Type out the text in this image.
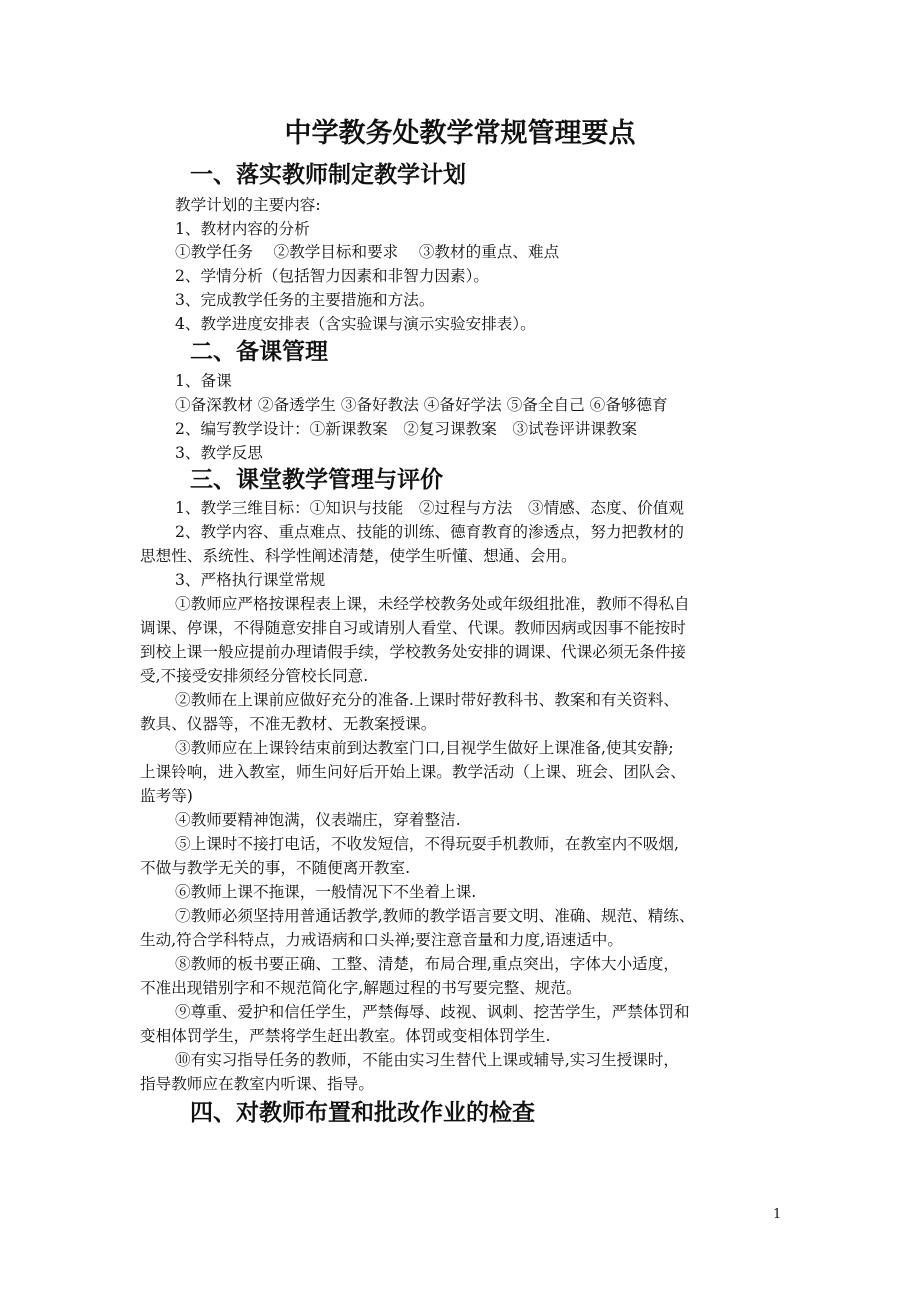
中学教务处教学常规管理要点
一、落实教师制定教学计划

教学计划的主要内容:

1、教材内容的分析

①教学任务　 ②教学目标和要求　 ③教材的重点、难点

2、学情分析（包括智力因素和非智力因素）。

3、完成教学任务的主要措施和方法。

4、教学进度安排表（含实验课与演示实验安排表）。

二、备课管理

1、备课

①备深教材 ②备透学生 ③备好教法 ④备好学法 ⑤备全自己 ⑥备够德育

2、编写教学设计：①新课教案　②复习课教案　③试卷评讲课教案

3、教学反思

三、课堂教学管理与评价

1、教学三维目标：①知识与技能　②过程与方法　③情感、态度、价值观

2、教学内容、重点难点、技能的训练、德育教育的渗透点，努力把教材的

思想性、系统性、科学性阐述清楚，使学生听懂、想通、会用。

3、严格执行课堂常规

①教师应严格按课程表上课，未经学校教务处或年级组批准，教师不得私自

调课、停课，不得随意安排自习或请别人看堂、代课。教师因病或因事不能按时

到校上课一般应提前办理请假手续，学校教务处安排的调课、代课必须无条件接

受,不接受安排须经分管校长同意.

②教师在上课前应做好充分的准备.上课时带好教科书、教案和有关资料、

教具、仪器等，不准无教材、无教案授课。

③教师应在上课铃结束前到达教室门口,目视学生做好上课准备,使其安静;

上课铃响，进入教室，师生问好后开始上课。教学活动（上课、班会、团队会、

监考等)

④教师要精神饱满，仪表端庄，穿着整洁.

⑤上课时不接打电话，不收发短信，不得玩耍手机教师，在教室内不吸烟,

不做与教学无关的事，不随便离开教室.

⑥教师上课不拖课，一般情况下不坐着上课.

⑦教师必须坚持用普通话教学,教师的教学语言要文明、准确、规范、精练、

生动,符合学科特点，力戒语病和口头禅;要注意音量和力度,语速适中。

⑧教师的板书要正确、工整、清楚，布局合理,重点突出，字体大小适度，

不准出现错别字和不规范简化字,解题过程的书写要完整、规范。

⑨尊重、爱护和信任学生，严禁侮辱、歧视、讽刺、挖苦学生，严禁体罚和

变相体罚学生，严禁将学生赶出教室。体罚或变相体罚学生.

⑩有实习指导任务的教师，不能由实习生替代上课或辅导,实习生授课时，

指导教师应在教室内听课、指导。

四、对教师布置和批改作业的检查
1
